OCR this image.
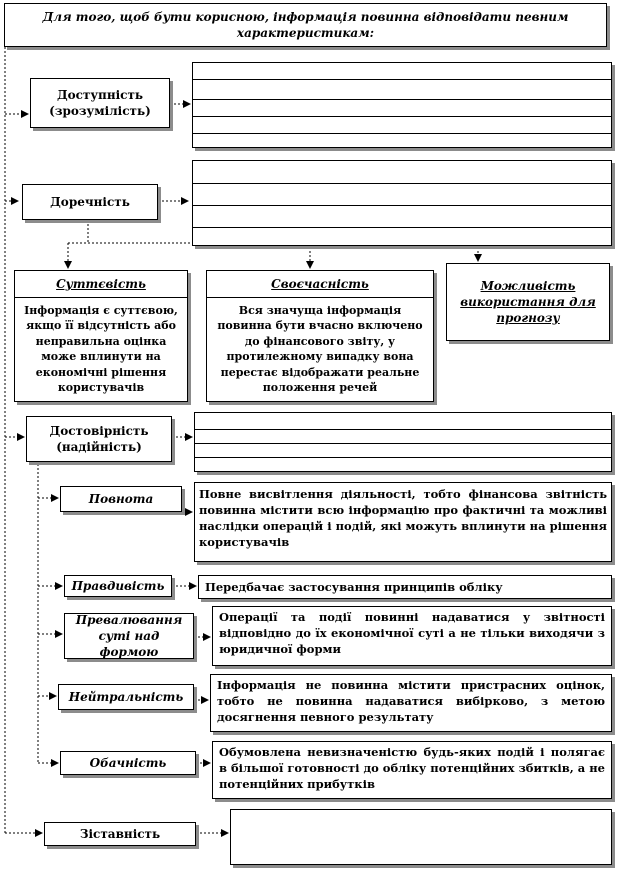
Для того, щоб бути корисною, інформація повинна відповідати певним характеристикам:
Доступність (зрозумілість)
Доречність
Суттєвість
Інформація є суттєвою, якщо її відсутність або неправильна оцінка може вплинути на економічні рішення користувачів
Своєчасність
Вся значуща інформація повинна бути вчасно включено до фінансового звіту, у протилежному випадку вона перестає відображати реальне положення речей
Можливість використання для прогнозу
Достовірність (надійність)
Повнота	Повне висвітлення діяльності, тобто фінансова звітність повинна містити всю інформацію про фактичні та можливі наслідки операцій і подій, які можуть вплинути на рішення користувачів
Правдивість	Передбачає застосування принципів обліку
Превалювання суті над формою
Операції та події повинні надаватися у звітності відповідно до їх економічної суті а не тільки виходячи з юридичної форми
Нейтральність
Інформація не повинна містити пристрасних оцінок, тобто не повинна надаватися вибірково, з метою досягнення певного результату
Обачність
Обумовлена невизначеністю будь-яких подій і полягає в більшої готовності до обліку потенційних збитків, а не потенційних прибутків
Зіставність
